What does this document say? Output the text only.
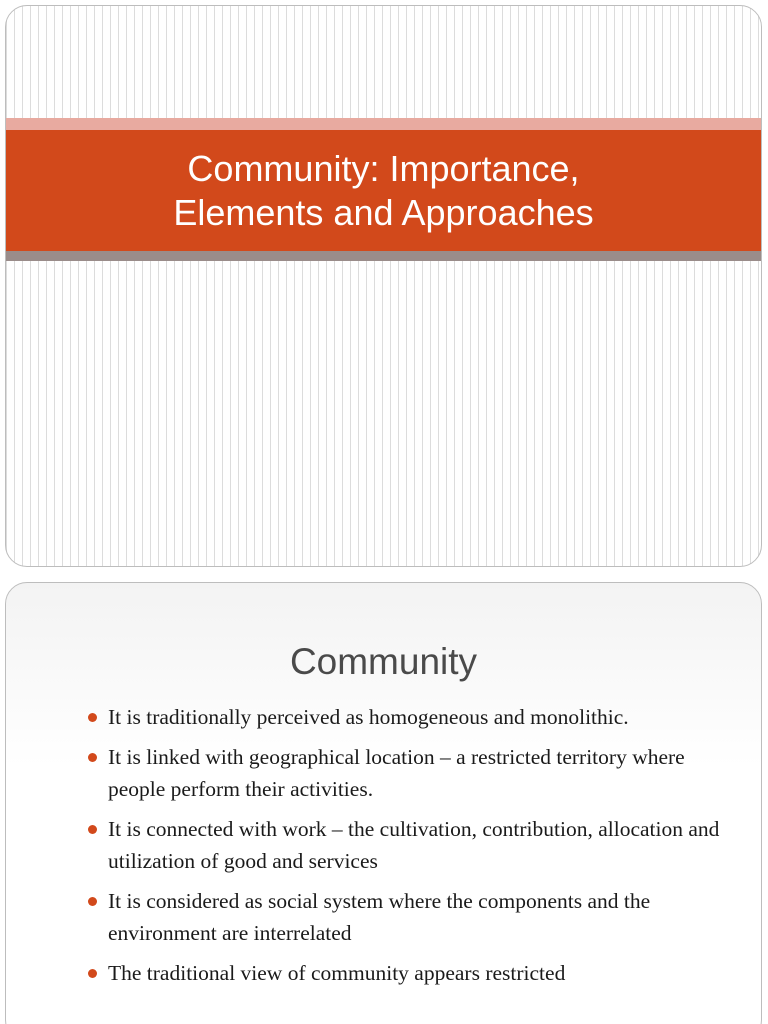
Community: Importance,
Elements and Approaches
Community
It is traditionally perceived as homogeneous and monolithic.
It is linked with geographical location – a restricted territory where people perform their activities.
It is connected with work – the cultivation, contribution, allocation and utilization of good and services
It is considered as social system where the components and the environment are interrelated
The traditional view of community appears restricted
